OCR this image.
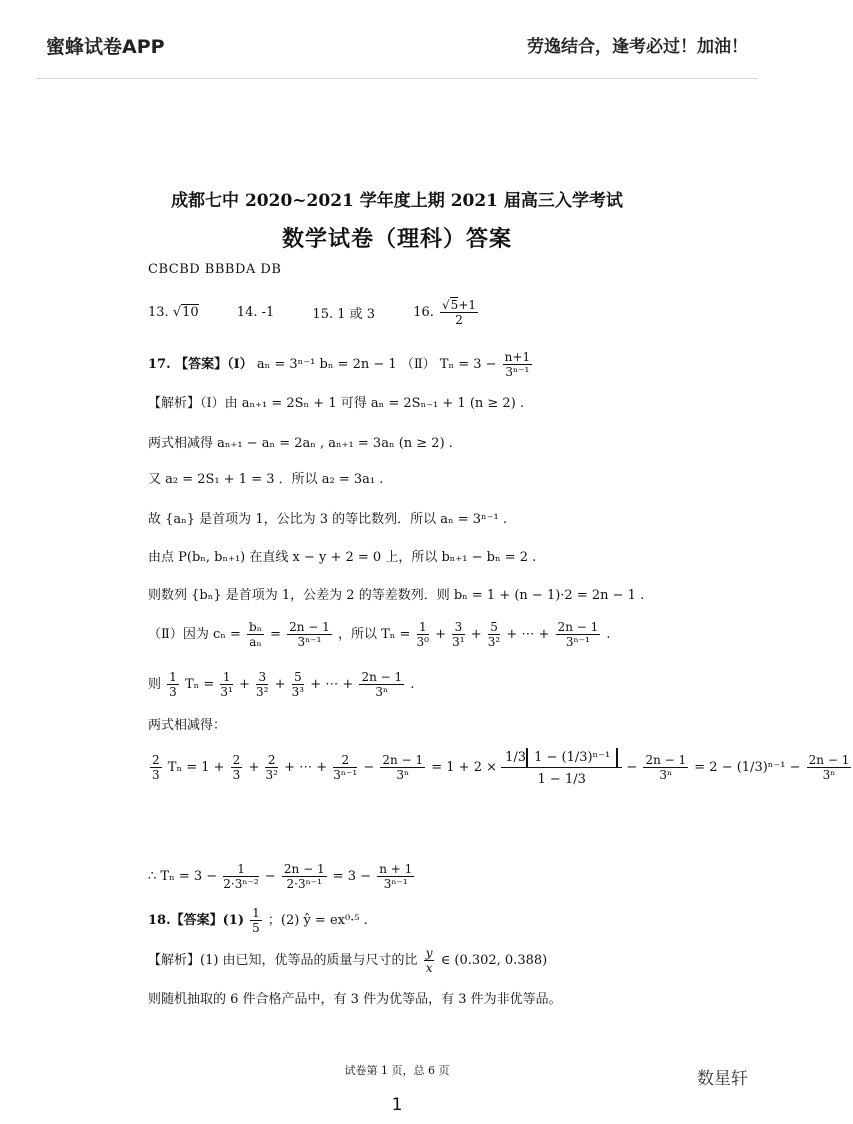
蜜蜂试卷APP	劳逸结合，逢考必过！加油！
成都七中 2020~2021 学年度上期 2021 届高三入学考试
数学试卷（理科）答案
CBCBD BBBDA DB
13. √10	14. -1	15. 1 或 3	16. $\frac{√5+1}{2}$
17. 【答案】（Ⅰ） aₙ = 3ⁿ⁻¹ bₙ = 2n − 1 （Ⅱ） $T_n = 3 - \frac{n+1}{\text{3ⁿ⁻¹}}$
【解析】（Ⅰ）由 aₙ₊₁ = 2Sₙ + 1 可得 aₙ = 2Sₙ₋₁ + 1 (n ≥ 2) .
两式相减得 aₙ₊₁ − aₙ = 2aₙ , aₙ₊₁ = 3aₙ (n ≥ 2) .
又 a₂ = 2S₁ + 1 = 3 ．所以 a₂ = 3a₁ .
故 {aₙ} 是首项为 1，公比为 3 的等比数列．所以 aₙ = 3ⁿ⁻¹ .
由点 P(bₙ, bₙ₊₁) 在直线 x − y + 2 = 0 上，所以 bₙ₊₁ − bₙ = 2 .
则数列 {bₙ} 是首项为 1，公差为 2 的等差数列．则 bₙ = 1 + (n − 1)·2 = 2n − 1 .
（Ⅱ）因为 $c_n = \frac{\text{bₙ}}{\text{aₙ}} = \frac{2n - 1}{\text{3ⁿ⁻¹}}$ ，所以 $T_n = \frac{1}{\text{3⁰}} + \frac{3}{\text{3¹}} + \frac{5}{\text{3²}}$ + ⋯ + $\frac{2n - 1}{\text{3ⁿ⁻¹}}$ .
则 $\frac{1}{3}$ $T_n = \frac{1}{\text{3¹}} + \frac{3}{\text{3²}} + \frac{5}{\text{3³}}$ + ⋯ + $\frac{2n - 1}{\text{3ⁿ}}$ .
两式相减得：
$\frac{2}{3}$ $T_n = 1 + \frac{2}{3} + \frac{2}{\text{3²}}$ + ⋯ + $\frac{2}{\text{3ⁿ⁻¹}} - \frac{2n - 1}{\text{3ⁿ}} = 1 + 2 \times \frac{\text{1/3 1 − (1/3)ⁿ⁻¹}}{1 - 1/3} - \frac{2n - 1}{\text{3ⁿ}} = 2 - (1/3)^{n-1} - \frac{2n - 1}{\text{3ⁿ}}$
∴ $T_n = 3 - \frac{1}{\text{2·3ⁿ⁻²}} - \frac{2n - 1}{\text{2·3ⁿ⁻¹}} = 3 - \frac{n + 1}{\text{3ⁿ⁻¹}}$
18.【答案】$(1) \frac{1}{5}$ ；(2) ŷ = ex⁰·⁵ .
【解析】(1) 由已知，优等品的质量与尺寸的比 $\frac{y}{x}$ ∈ (0.302, 0.388)
则随机抽取的 6 件合格产品中，有 3 件为优等品，有 3 件为非优等品。
试卷第 1 页，总 6 页	数星轩
1
